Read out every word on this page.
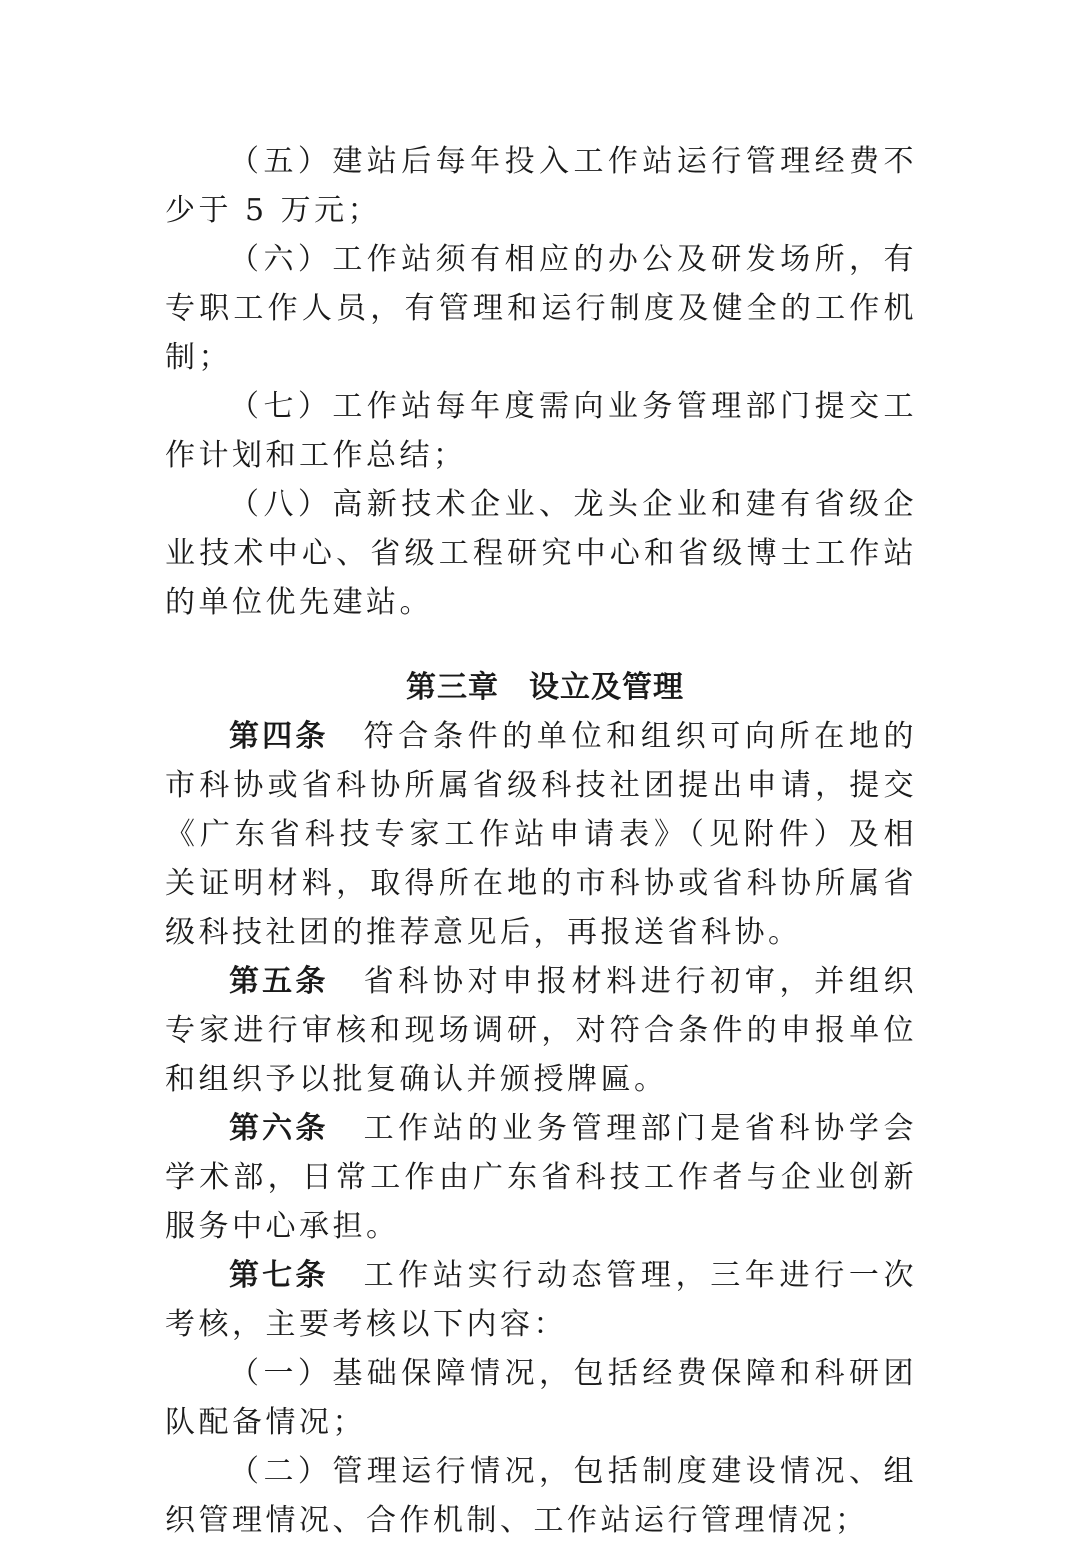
（五）建站后每年投入工作站运行管理经费不少于 5 万元；

（六）工作站须有相应的办公及研发场所，有专职工作人员，有管理和运行制度及健全的工作机制；

（七）工作站每年度需向业务管理部门提交工作计划和工作总结；

（八）高新技术企业、龙头企业和建有省级企业技术中心、省级工程研究中心和省级博士工作站的单位优先建站。

第三章 设立及管理

第四条 符合条件的单位和组织可向所在地的市科协或省科协所属省级科技社团提出申请，提交《广东省科技专家工作站申请表》（见附件）及相关证明材料，取得所在地的市科协或省科协所属省级科技社团的推荐意见后，再报送省科协。

第五条 省科协对申报材料进行初审，并组织专家进行审核和现场调研，对符合条件的申报单位和组织予以批复确认并颁授牌匾。

第六条 工作站的业务管理部门是省科协学会学术部，日常工作由广东省科技工作者与企业创新服务中心承担。

第七条 工作站实行动态管理，三年进行一次考核，主要考核以下内容：

（一）基础保障情况，包括经费保障和科研团队配备情况；

（二）管理运行情况，包括制度建设情况、组织管理情况、合作机制、工作站运行管理情况；
